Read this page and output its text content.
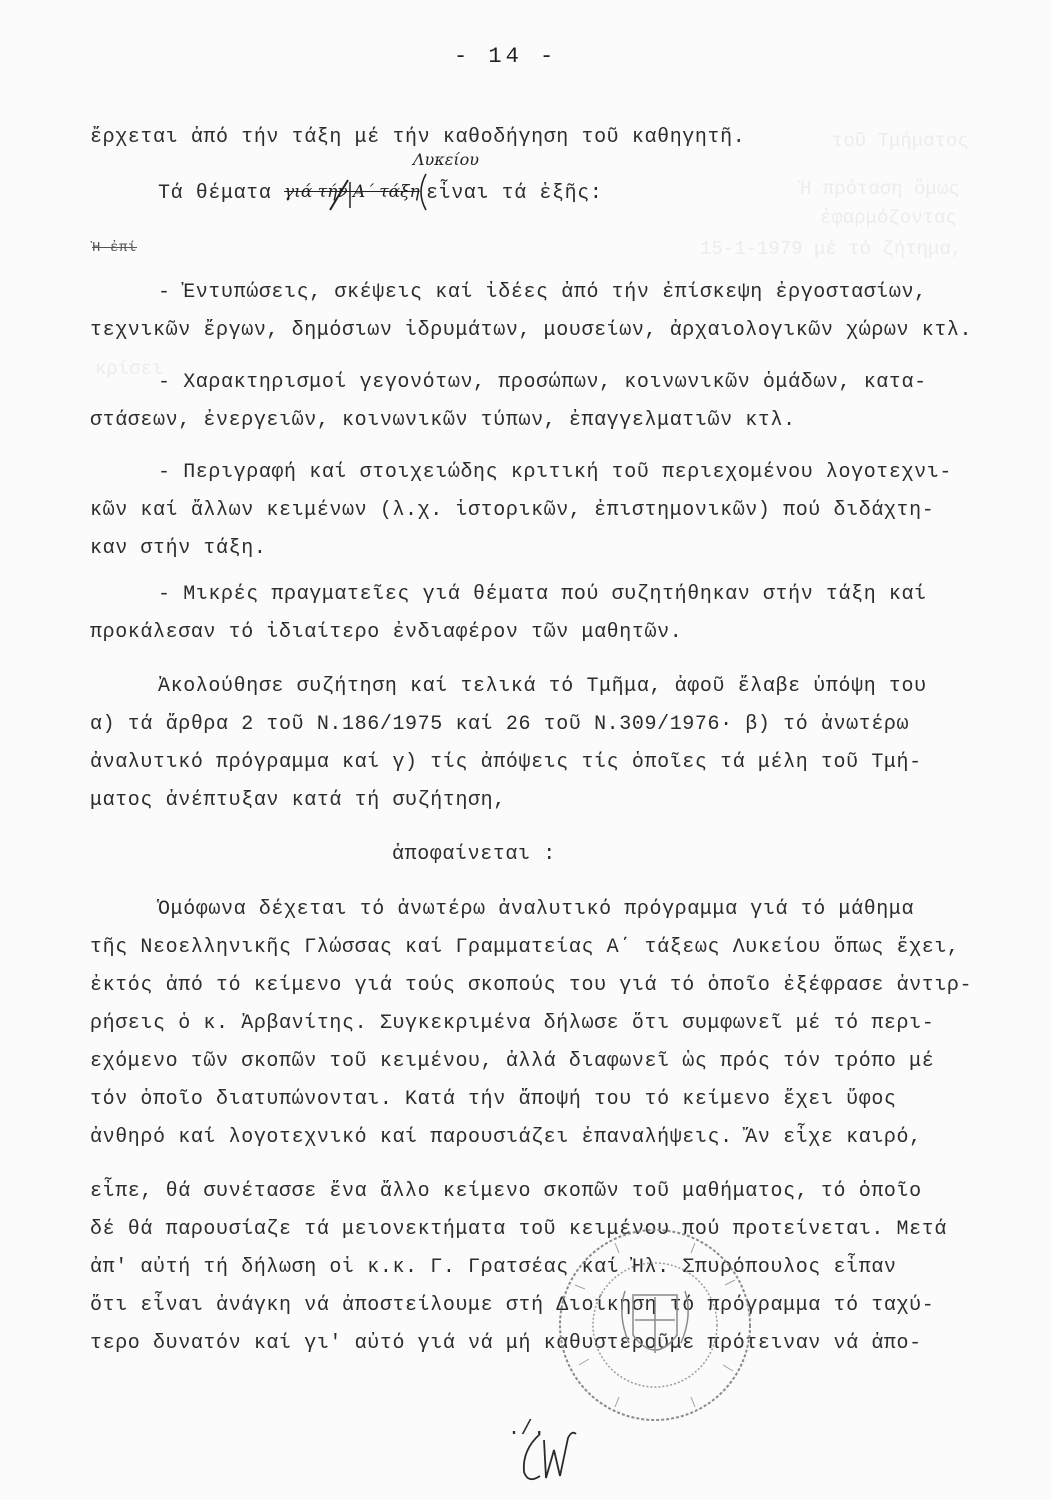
τοῦ Τμήματος
Ἡ πρόταση ὅμως
ἐφαρμόζοντας
15-1-1979 μέ τό ζήτημα,
κρίσει
- 14 -
ἔρχεται ἀπό τήν τάξη μέ τήν καθοδήγηση τοῦ καθηγητῆ.
Τά θέματα γιά τήν Α΄ τάξη
Λυκείου
εἶναι τά ἑξῆς:
Ἡ ἐπί
- Ἐντυπώσεις, σκέψεις καί ἰδέες ἀπό τήν ἐπίσκεψη ἐργοστασίων,
τεχνικῶν ἔργων, δημόσιων ἱδρυμάτων, μουσείων, ἀρχαιολογικῶν χώρων κτλ.
- Χαρακτηρισμοί γεγονότων, προσώπων, κοινωνικῶν ὁμάδων, κατα-
στάσεων, ἐνεργειῶν, κοινωνικῶν τύπων, ἐπαγγελματιῶν κτλ.
- Περιγραφή καί στοιχειώδης κριτική τοῦ περιεχομένου λογοτεχνι-
κῶν καί ἄλλων κειμένων (λ.χ. ἱστορικῶν, ἐπιστημονικῶν) πού διδάχτη-
καν στήν τάξη.
- Μικρές πραγματεῖες γιά θέματα πού συζητήθηκαν στήν τάξη καί
προκάλεσαν τό ἰδιαίτερο ἐνδιαφέρον τῶν μαθητῶν.
Ἀκολούθησε συζήτηση καί τελικά τό Τμῆμα, ἀφοῦ ἔλαβε ὑπόψη του
α) τά ἄρθρα 2 τοῦ Ν.186/1975 καί 26 τοῦ Ν.309/1976· β) τό ἀνωτέρω
ἀναλυτικό πρόγραμμα καί γ) τίς ἀπόψεις τίς ὁποῖες τά μέλη τοῦ Τμή-
ματος ἀνέπτυξαν κατά τή συζήτηση,
ἀποφαίνεται :
Ὁμόφωνα δέχεται τό ἀνωτέρω ἀναλυτικό πρόγραμμα γιά τό μάθημα
τῆς Νεοελληνικῆς Γλώσσας καί Γραμματείας Α΄ τάξεως Λυκείου ὅπως ἔχει,
ἐκτός ἀπό τό κείμενο γιά τούς σκοπούς του γιά τό ὁποῖο ἐξέφρασε ἀντιρ-
ρήσεις ὁ κ. Ἀρβανίτης. Συγκεκριμένα δήλωσε ὅτι συμφωνεῖ μέ τό περι-
εχόμενο τῶν σκοπῶν τοῦ κειμένου, ἀλλά διαφωνεῖ ὡς πρός τόν τρόπο μέ
τόν ὁποῖο διατυπώνονται. Κατά τήν ἄποψή του τό κείμενο ἔχει ὕφος
ἀνθηρό καί λογοτεχνικό καί παρουσιάζει ἐπαναλήψεις. Ἄν εἶχε καιρό,
εἶπε, θά συνέτασσε ἕνα ἄλλο κείμενο σκοπῶν τοῦ μαθήματος, τό ὁποῖο
δέ θά παρουσίαζε τά μειονεκτήματα τοῦ κειμένου πού προτείνεται. Μετά
ἀπ' αὐτή τή δήλωση οἱ κ.κ. Γ. Γρατσέας καί Ἠλ. Σπυρόπουλος εἶπαν
ὅτι εἶναι ἀνάγκη νά ἀποστείλουμε στή Διοίκηση τό πρόγραμμα τό ταχύ-
τερο δυνατόν καί γι' αὐτό γιά νά μή καθυστεροῦμε πρότειναν νά ἀπο-
./.
